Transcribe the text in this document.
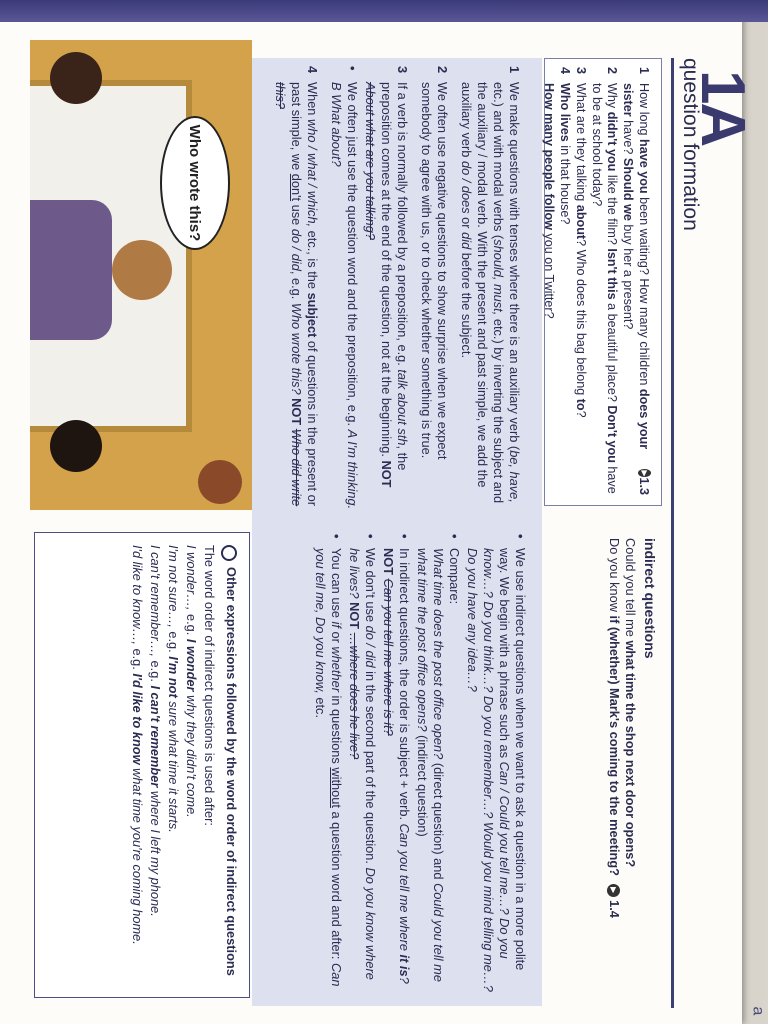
a
1A
question formation
1
How long have you been waiting? How many children does your sister have? Should we buy her a present?
▶
1.3
2
Why didn't you like the film? Isn't this a beautiful place? Don't you have to be at school today?
3
What are they talking about? Who does this bag belong to?
4
Who lives in that house?
How many people follow you on Twitter?
indirect questions
Could you tell me what time the shop next door opens?
Do you know if (whether) Mark's coming to the meeting? ▶ 1.4
1
We make questions with tenses where there is an auxiliary verb (be, have, etc.) and with modal verbs (should, must, etc.) by inverting the subject and the auxiliary / modal verb. With the present and past simple, we add the auxiliary verb do / does or did before the subject.
2
We often use negative questions to show surprise when we expect somebody to agree with us, or to check whether something is true.
3
If a verb is normally followed by a preposition, e.g. talk about sth, the preposition comes at the end of the question, not at the beginning. NOT About what are you talking?
•
We often just use the question word and the preposition, e.g. A I'm thinking. B What about?
4
When who / what / which, etc., is the subject of questions in the present or past simple, we don't use do / did, e.g. Who wrote this? NOT Who did write this?
•
We use indirect questions when we want to ask a question in a more polite way. We begin with a phrase such as Can / Could you tell me…? Do you know…? Do you think…? Do you remember…? Would you mind telling me…? Do you have any idea…?
•
Compare:
What time does the post office open? (direct question) and Could you tell me what time the post office opens? (indirect question)
•
In indirect questions, the order is subject + verb. Can you tell me where it is? NOT Can you tell me where is it?
•
We don't use do / did in the second part of the question. Do you know where he lives? NOT …where does he live?
•
You can use if or whether in questions without a question word and after: Can you tell me, Do you know, etc.
Who wrote this?
Other expressions followed by the word order of indirect questions
The word order of indirect questions is used after:
I wonder…, e.g. I wonder why they didn't come.
I'm not sure…, e.g. I'm not sure what time it starts.
I can't remember…, e.g. I can't remember where I left my phone.
I'd like to know…, e.g. I'd like to know what time you're coming home.
